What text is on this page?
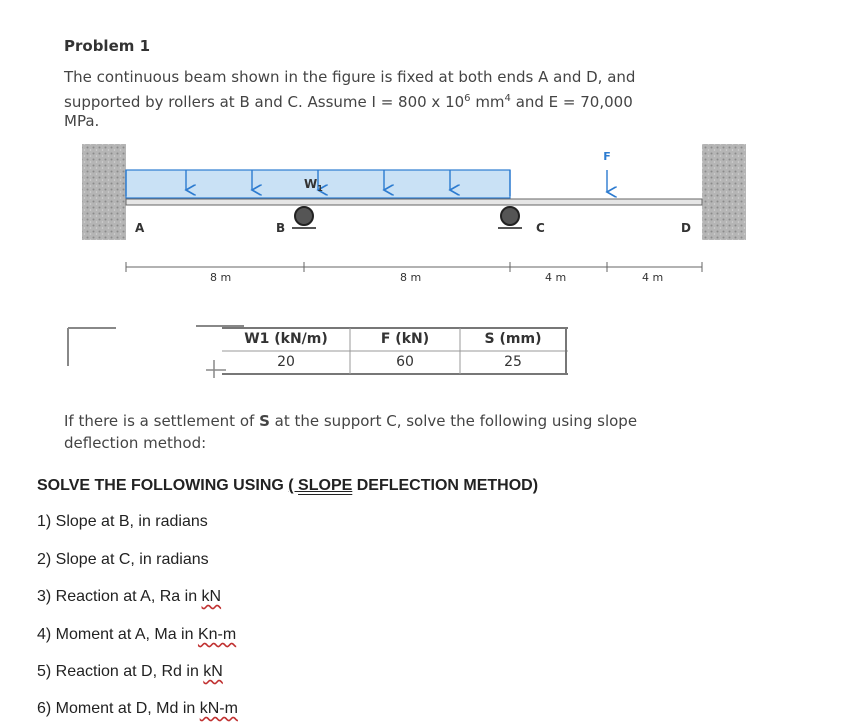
Problem 1
The continuous beam shown in the figure is fixed at both ends A and D, and
supported by rollers at B and C. Assume I = 800 x $10^6$ $mm^4$ and E = 70,000
MPa.
F
$W_1$
A	B	C	D
8 m	8 m	4 m	4 m
W1 (kN/m)	F (kN)	S (mm)
20	60	25
If there is a settlement of S at the support C, solve the following using slope
deflection method:
SOLVE THE FOLLOWING USING ( SLOPE DEFLECTION METHOD)
1) Slope at B, in radians
2) Slope at C, in radians
3) Reaction at A, Ra in kN
4) Moment at A, Ma in Kn-m
5) Reaction at D, Rd in kN
6) Moment at D, Md in kN-m
